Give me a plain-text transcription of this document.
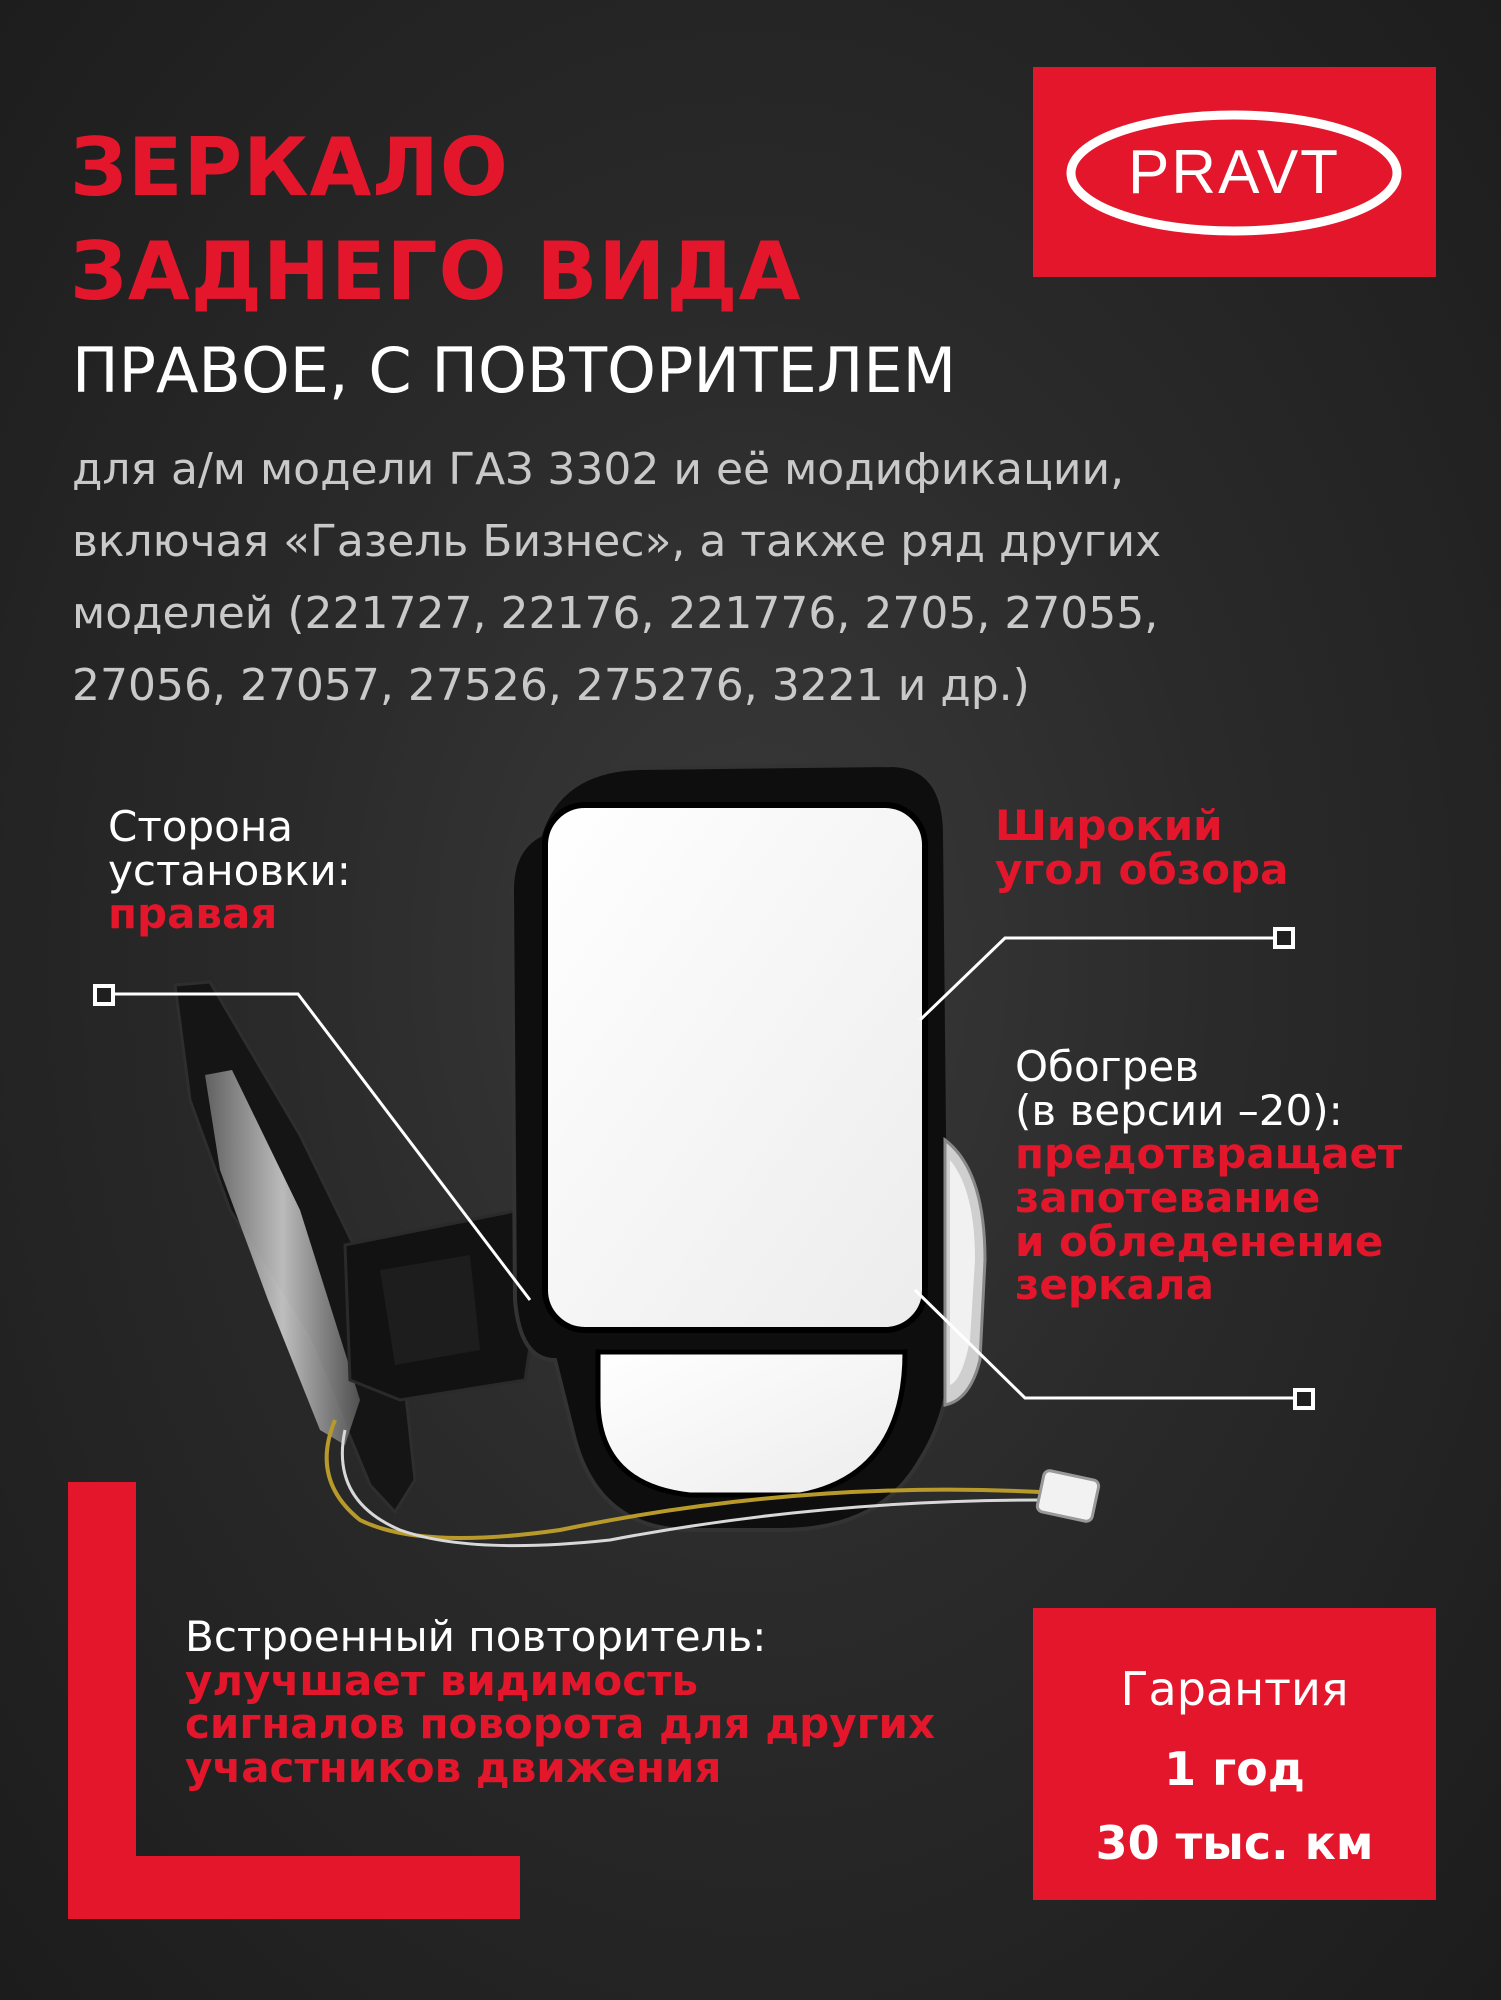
ЗЕРКАЛО
ЗАДНЕГО ВИДА
ПРАВОЕ, С ПОВТОРИТЕЛЕМ
для а/м модели ГАЗ 3302 и её модификации,
включая «Газель Бизнес», а также ряд других
моделей (221727, 22176, 221776, 2705, 27055,
27056, 27057, 27526, 275276, 3221 и др.)
PRAVT
Сторона
установки:
правая
Широкий
угол обзора
Обогрев
(в версии –20):
предотвращает
запотевание
и обледенение
зеркала
Встроенный повторитель:
улучшает видимость
сигналов поворота для других
участников движения
Гарантия
1 год
30 тыс. км
